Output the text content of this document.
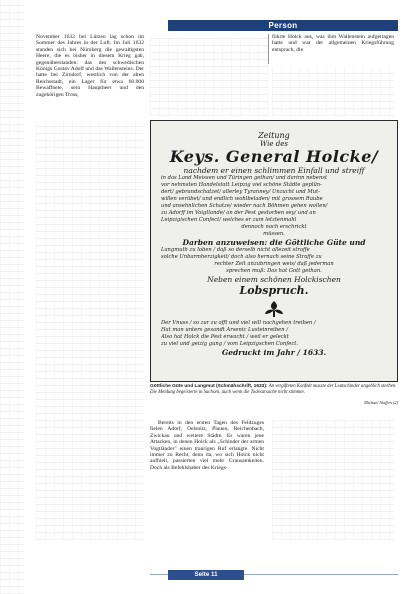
Person

November 1632 bei Lützen lag schon im Sommer des Jahres in der Luft. Im Juli 1632 standen sich bei Nürnberg die gewaltigsten Heere, die es bisher in diesem Krieg gab, gegenüberstanden: das des schwedischen Königs Gustav Adolf und das Wallensteins. Der hatte bei Zirndorf, westlich von der alten Reichsstadt, ein Lager für etwa 60.000 Bewaffnete, sein Hauptheer und den zugehörigen Tross,

führte Holck aus, was ihm Wallenstein aufgetragen hatte und war der allgemeinen Kriegsführung entsprach, die

Zeitung

Wie des

Keys. General Holcke/

nachdem er einen schlimmen Einfall und streiff

in das Land Meissen und Türingen gethan/ und darinn nebenst

vor nehmsten Handelstatt Leipzig viel schöne Städte geplün-

dert/ gebrandschatzet/ allerley Tyranney/ Unzucht und Mut-

willen verübet/ und endlich wohlbeladen/ mit grossem Raube

und ansehnlichen Schatze/ wieder nach Böhmen gehen wollen/

zu Adorff im Voigtlande/ an der Pest gestorben sey/ und an

Leipzigischen Confect/ welches er zum letztenmahl

dennoch noch erschrickt

müssen.

Darben anzuweisen: die Göttliche Güte und

Langmuth zu loben / daß so derselb nicht allezeit straffe

solche Unbarmherzigkeit/ doch also hernach seine Straffe zu

rechter Zeit anzubringen weis/ daß jederman

sprechen muß: Das hat Gott gethan.

Neben einem schönen Holckischen

Lobspruch.

Der Vnuss / so zur zu offt und viel will nachgehen treiben /

Hat man unters gesandt Arsenic Lusteinreiben /

Also hat Holck die Pest erwacht / weil er geleckt

zu viel und geizig gung / vom Leipzigschen Confect.

Gedruckt im Jahr / 1633.

Göttliche Güte und Langmut (Schmähschrift, 1633): An vergifteten Konfekt musste der Leutschinder angeblich sterben. Die Meldung begeisterte in Sachsen, auch wenn die Todesursache nicht stimmte.
Michael Stöffen (2)

Bereits in den ersten Tagen des Feldzuges fielen Adorf, Oelsnitz, Plauen, Reichenbach, Zwickau und weitere Städte. Es waren jene Attacken, in denen Holck als „Schinder der armen Vogtländer" einen traurigen Ruf erlangte. Nicht immer zu Recht, denn da, wo sich Holck nicht aufhielt, passierten viel mehr Grausamkeiten. Doch als Befehlshaber des Kriegs-

Seite 11
